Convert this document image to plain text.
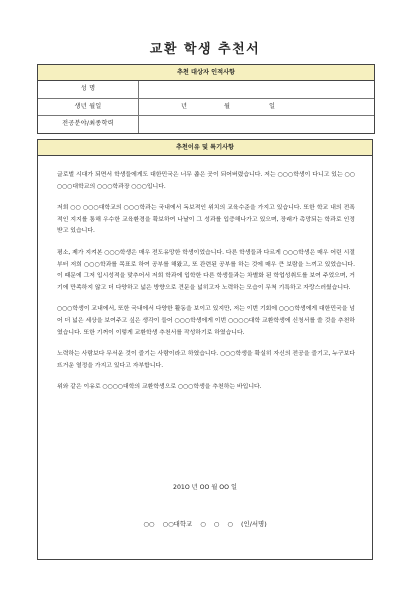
교환 학생 추천서
추천 대상자 인적사항
성 명
생년 월일	년	월	일
전공분야/최종학력
추천이유 및 특기사항

글로벌 시대가 되면서 학생들에게도 대한민국은 너무 좁은 곳이 되어버렸습니다. 저는 ○○○학생이 다니고 있는 ○○ ○○○대학교의 ○○○학과장 ○○○입니다.

저희 ○○ ○○○대학교의 ○○○학과는 국내에서 독보적인 위치의 교육수준을 가지고 있습니다. 또한 학교 내의 전폭적인 지지를 통해 우수한 교육환경을 확보하여 나날이 그 성과를 입증해나가고 있으며, 장래가 촉망되는 학과로 인정받고 있습니다.

평소, 제가 지켜본 ○○○학생은 매우 전도유망한 학생이었습니다. 다른 학생들과 다르게 ○○○학생은 매우 어린 시절부터 저희 ○○○학과를 목표로 하여 공부를 해왔고, 또 관련된 공부를 하는 것에 매우 큰 보람을 느끼고 있었습니다. 이 때문에 그저 입시성적을 맞추어서 저희 학과에 입학한 다른 학생들과는 차별화 된 학업성취도를 보여 주었으며, 거기에 만족하지 않고 더 다양하고 넓은 방향으로 견문을 넓히고자 노력하는 모습이 무척 기특하고 자랑스러웠습니다.

○○○학생이 교내에서, 또한 국내에서 다양한 활동을 보이고 있지만, 저는 이번 기회에 ○○○학생에게 대한민국을 넘어 더 넓은 세상을 보여주고 싶은 생각이 들어 ○○○학생에게 이번 ○○○○대학 교환학생에 신청서를 쓸 것을 추천하였습니다. 또한 기꺼이 이렇게 교환학생 추천서를 작성하기로 하였습니다.

노력하는 사람보다 무서운 것이 즐기는 사람이라고 하였습니다. ○○○학생을 확실히 자신의 전공을 즐기고, 누구보다 뜨거운 열정을 가지고 있다고 자부합니다.

위와 같은 이유로 ○○○○대학의 교환학생으로 ○○○학생을 추천하는 바입니다.

201O 년 OO 월 OO 일
○○ ○○대학교 ○ ○ ○ (인/서명)
